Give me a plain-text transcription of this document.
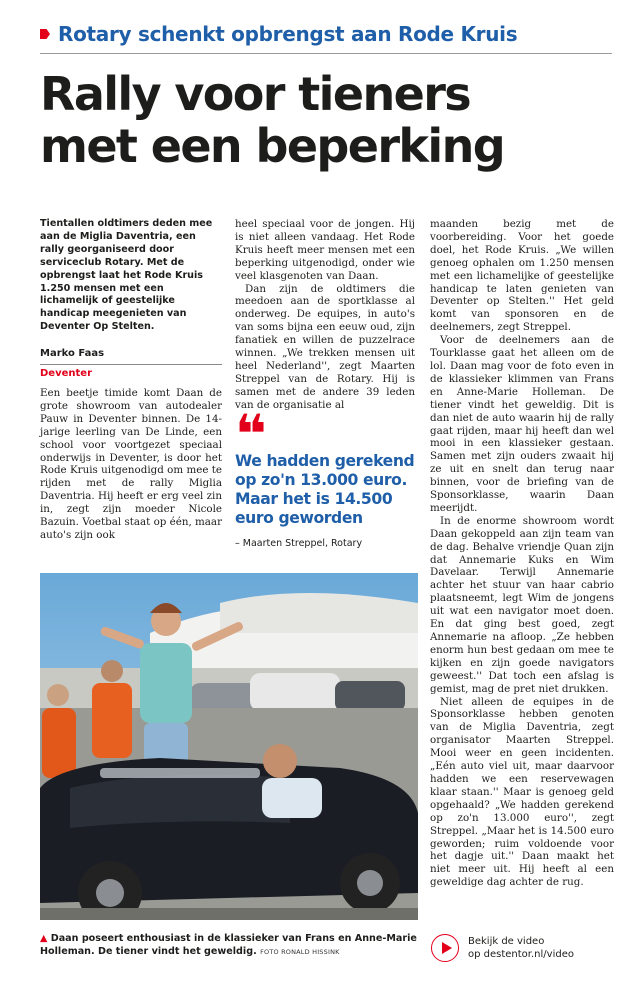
Rotary schenkt opbrengst aan Rode Kruis
Rally voor tieners
met een beperking

Tientallen oldtimers deden mee aan de Miglia Daventria, een rally georganiseerd door serviceclub Rotary. Met de opbrengst laat het Rode Kruis 1.250 mensen met een lichamelijk of geestelijke handicap meegenieten van Deventer Op Stelten.

Marko Faas
Deventer

Een beetje timide komt Daan de grote showroom van autodealer Pauw in Deventer binnen. De 14-jarige leerling van De Linde, een school voor voortgezet speciaal onderwijs in Deventer, is door het Rode Kruis uitgenodigd om mee te rijden met de rally Miglia Daventria. Hij heeft er erg veel zin in, zegt zijn moeder Nicole Bazuin. Voetbal staat op één, maar auto's zijn ook

heel speciaal voor de jongen. Hij is niet alleen vandaag. Het Rode Kruis heeft meer mensen met een beperking uitgenodigd, onder wie veel klasgenoten van Daan.

Dan zijn de oldtimers die meedoen aan de sportklasse al onderweg. De equipes, in auto's van soms bijna een eeuw oud, zijn fanatiek en willen de puzzelrace winnen. „We trekken mensen uit heel Nederland'', zegt Maarten Streppel van de Rotary. Hij is samen met de andere 39 leden van de organisatie al

❝
We hadden gerekend op zo'n 13.000 euro. Maar het is 14.500 euro geworden
– Maarten Streppel, Rotary

maanden bezig met de voorbereiding. Voor het goede doel, het Rode Kruis. „We willen genoeg ophalen om 1.250 mensen met een lichamelijke of geestelijke handicap te laten genieten van Deventer op Stelten.'' Het geld komt van sponsoren en de deelnemers, zegt Streppel.

Voor de deelnemers aan de Tourklasse gaat het alleen om de lol. Daan mag voor de foto even in de klassieker klimmen van Frans en Anne-Marie Holleman. De tiener vindt het geweldig. Dit is dan niet de auto waarin hij de rally gaat rijden, maar hij heeft dan wel mooi in een klassieker gestaan. Samen met zijn ouders zwaait hij ze uit en snelt dan terug naar binnen, voor de briefing van de Sponsorklasse, waarin Daan meerijdt.

In de enorme showroom wordt Daan gekoppeld aan zijn team van de dag. Behalve vriendje Quan zijn dat Annemarie Kuks en Wim Davelaar. Terwijl Annemarie achter het stuur van haar cabrio plaatsneemt, legt Wim de jongens uit wat een navigator moet doen. En dat ging best goed, zegt Annemarie na afloop. „Ze hebben enorm hun best gedaan om mee te kijken en zijn goede navigators geweest.'' Dat toch een afslag is gemist, mag de pret niet drukken.

Niet alleen de equipes in de Sponsorklasse hebben genoten van de Miglia Daventria, zegt organisator Maarten Streppel. Mooi weer en geen incidenten. „Eén auto viel uit, maar daarvoor hadden we een reservewagen klaar staan.'' Maar is genoeg geld opgehaald? „We hadden gerekend op zo'n 13.000 euro'', zegt Streppel. „Maar het is 14.500 euro geworden; ruim voldoende voor het dagje uit.'' Daan maakt het niet meer uit. Hij heeft al een geweldige dag achter de rug.

▲ Daan poseert enthousiast in de klassieker van Frans en Anne-Marie Holleman. De tiener vindt het geweldig. FOTO RONALD HISSINK
Bekijk de video
op destentor.nl/video
